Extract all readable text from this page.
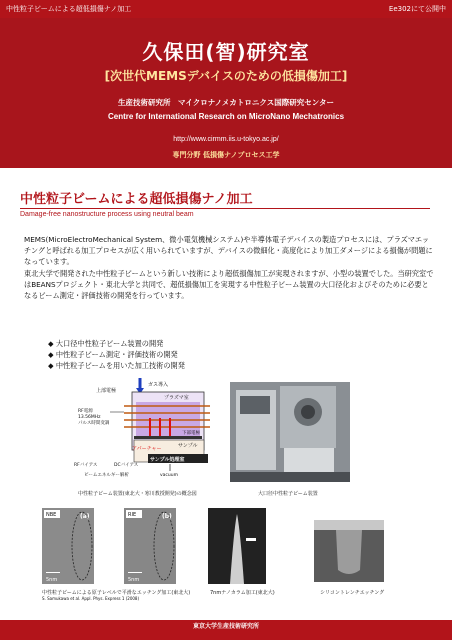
中性粒子ビームによる超低損傷ナノ加工	Ee302にて公開中
久保田(智)研究室
[次世代MEMSデバイスのための低損傷加工]
生産技術研究所　マイクロナノメカトロニクス国際研究センター
Centre for International Research on MicroNano Mechatronics
http://www.cirmm.iis.u-tokyo.ac.jp/
専門分野 低損傷ナノプロセス工学
中性粒子ビームによる超低損傷ナノ加工
Damage-free nanostructure process using neutral beam
MEMS(MicroElectroMechanical System、微小電気機械システム)や半導体電子デバイスの製造プロセスには、プラズマエッチングと呼ばれる加工プロセスが広く用いられていますが、デバイスの微細化・高度化により加工ダメージによる損傷が問題になっています。
東北大学で開発された中性粒子ビームという新しい技術により超低損傷加工が実現されますが、小型の装置でした。当研究室ではBEANSプロジェクト・東北大学と共同で、超低損傷加工を実現する中性粒子ビーム装置の大口径化およびそのために必要となるビーム測定・評価技術の開発を行っています。
◆ 大口径中性粒子ビーム装置の開発
◆ 中性粒子ビーム測定・評価技術の開発
◆ 中性粒子ビームを用いた加工技術の開発
ガス導入
上部電極
プラズマ室
RF電源 13.56MHz パルス時間変調
下部電極
アパーチャー	サンプル
サンプル処理室
RFバイアス	DCバイアス
ビームエネルギー解析	vacuum
中性粒子ビーム装置(東北大・寒川教授開発)の概念図	大口径中性粒子ビーム装置
NBE	(a)
5nm
RIE	(b)
5nm
中性粒子ビームによる原子レベルで平滑なエッチング加工(東北大)
S. Samukawa et al. Appl. Phys. Express 1 (2008)
7nmナノカラム加工(東北大)	シリコントレンチエッチング
東京大学生産技術研究所
